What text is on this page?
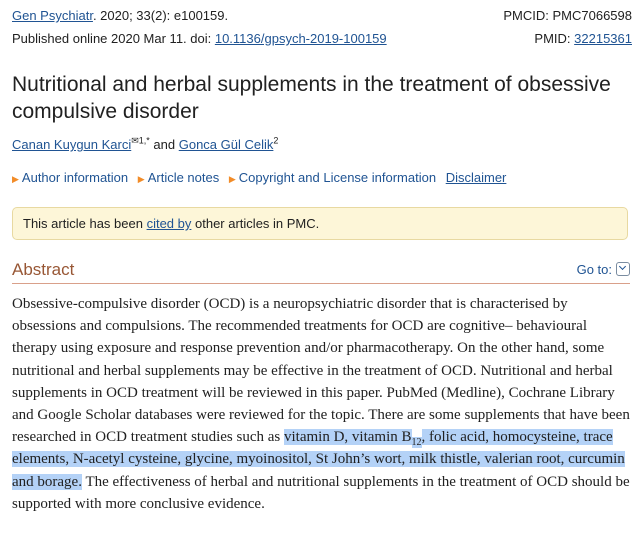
Gen Psychiatr. 2020; 33(2): e100159.	PMCID: PMC7066598
Published online 2020 Mar 11. doi: 10.1136/gpsych-2019-100159	PMID: 32215361
Nutritional and herbal supplements in the treatment of obsessive compulsive disorder
Canan Kuygun Karci$^{✉1,*}$ and Gonca Gül Celik$^2$
▶ Author information ▶ Article notes ▶ Copyright and License information Disclaimer
This article has been cited by other articles in PMC.
Abstract	Go to:
Obsessive-compulsive disorder (OCD) is a neuropsychiatric disorder that is characterised by obsessions and compulsions. The recommended treatments for OCD are cognitive– behavioural therapy using exposure and response prevention and/or pharmacotherapy. On the other hand, some nutritional and herbal supplements may be effective in the treatment of OCD. Nutritional and herbal supplements in OCD treatment will be reviewed in this paper. PubMed (Medline), Cochrane Library and Google Scholar databases were reviewed for the topic. There are some supplements that have been researched in OCD treatment studies such as vitamin D, vitamin $B_{12}$, folic acid, homocysteine, trace elements, N-acetyl cysteine, glycine, myoinositol, St John’s wort, milk thistle, valerian root, curcumin and borage. The effectiveness of herbal and nutritional supplements in the treatment of OCD should be supported with more conclusive evidence.
